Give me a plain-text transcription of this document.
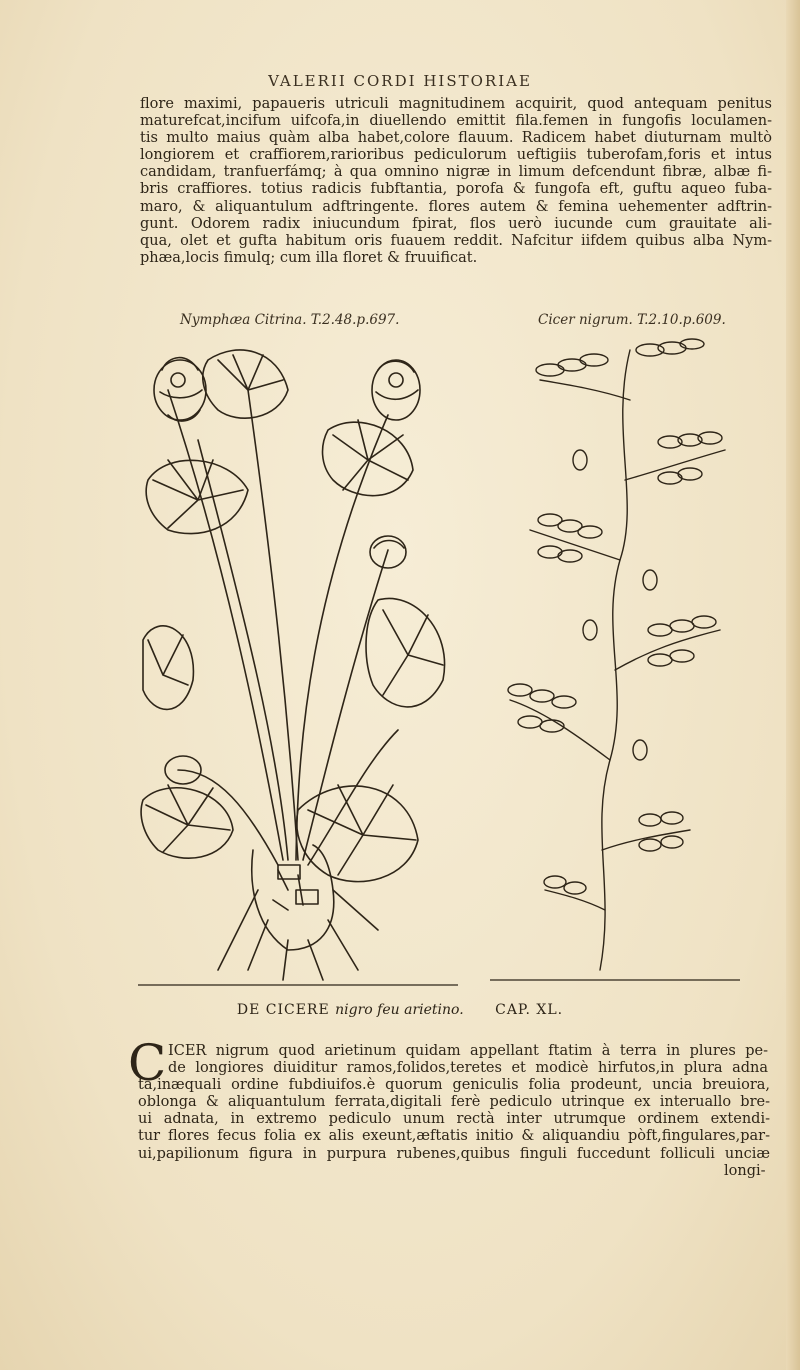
VALERII CORDI HISTORIAE
flore maximi, papaueris utriculi magnitudinem acquirit, quod antequam penitus
maturefcat,incifum uifcofa,in diuellendo emittit fila.femen in fungofis loculamen-
tis multo maius quàm alba habet,colore flauum. Radicem habet diuturnam multò
longiorem et craffiorem,rarioribus pediculorum ueftigiis tuberofam,foris et intus
candidam, tranfuerfámq; à qua omnino nigræ in limum defcendunt fibræ, albæ fi-
bris craffiores. totius radicis fubftantia, porofa & fungofa eft, guftu aqueo fuba-
maro, & aliquantulum adftringente. flores autem & femina uehementer adftrin-
gunt. Odorem radix iniucundum fpirat, flos uerò iucunde cum grauitate ali-
qua, olet et gufta habitum oris fuauem reddit. Nafcitur iifdem quibus alba Nym-
phæa,locis fimulq; cum illa floret & fruuificat.
Nymphæa Citrina. T.2.48.p.697.	Cicer nigrum. T.2.10.p.609.
DE CICERE nigro feu arietino. CAP. XL.
C ICER nigrum quod arietinum quidam appellant ftatim à terra in plures pe-
de longiores diuiditur ramos,folidos,teretes et modicè hirfutos,in plura adna
ta,inæquali ordine fubdiuifos.è quorum geniculis folia prodeunt, uncia breuiora,
oblonga & aliquantulum ferrata,digitali ferè pediculo utrinque ex interuallo bre-
ui adnata, in extremo pediculo unum rectà inter utrumque ordinem extendi-
tur flores fecus folia ex alis exeunt,æftatis initio & aliquandiu pòft,fingulares,par-
ui,papilionum figura in purpura rubenes,quibus finguli fuccedunt folliculi unciæ
longi-
